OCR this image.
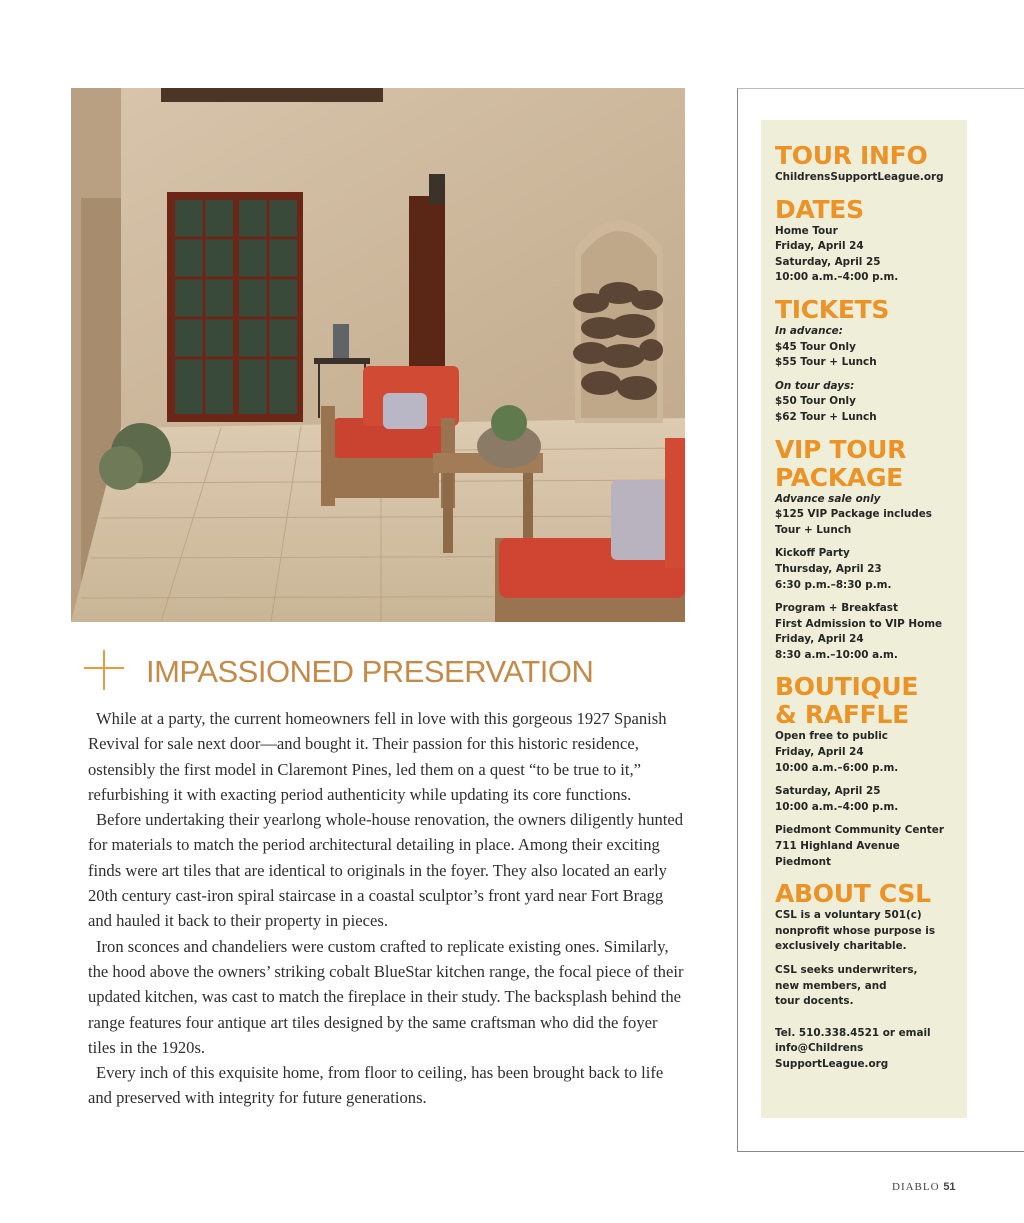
IMPASSIONED PRESERVATION

While at a party, the current homeowners fell in love with this gorgeous 1927 Spanish Revival for sale next door—and bought it. Their passion for this historic residence, ostensibly the first model in Claremont Pines, led them on a quest “to be true to it,” refurbishing it with exacting period authenticity while updating its core functions.

Before undertaking their yearlong whole-house renovation, the owners diligently hunted for materials to match the period architectural detailing in place. Among their exciting finds were art tiles that are identical to originals in the foyer. They also located an early 20th century cast-iron spiral staircase in a coastal sculptor’s front yard near Fort Bragg and hauled it back to their property in pieces.

Iron sconces and chandeliers were custom crafted to replicate existing ones. Similarly, the hood above the owners’ striking cobalt BlueStar kitchen range, the focal piece of their updated kitchen, was cast to match the fireplace in their study. The backsplash behind the range features four antique art tiles designed by the same craftsman who did the foyer tiles in the 1920s.

Every inch of this exquisite home, from floor to ceiling, has been brought back to life and preserved with integrity for future generations.

TOUR INFO
ChildrensSupportLeague.org
DATES
Home Tour
Friday, April 24
Saturday, April 25
10:00 a.m.–4:00 p.m.
TICKETS
In advance:
$45 Tour Only
$55 Tour + Lunch
On tour days:
$50 Tour Only
$62 Tour + Lunch
VIP TOUR
PACKAGE
Advance sale only
$125 VIP Package includes
Tour + Lunch
Kickoff Party
Thursday, April 23
6:30 p.m.–8:30 p.m.
Program + Breakfast
First Admission to VIP Home
Friday, April 24
8:30 a.m.–10:00 a.m.
BOUTIQUE
& RAFFLE
Open free to public
Friday, April 24
10:00 a.m.–6:00 p.m.
Saturday, April 25
10:00 a.m.–4:00 p.m.
Piedmont Community Center
711 Highland Avenue
Piedmont
ABOUT CSL
CSL is a voluntary 501(c)
nonprofit whose purpose is
exclusively charitable.
CSL seeks underwriters,
new members, and
tour docents.
Tel. 510.338.4521 or email
info@Childrens
SupportLeague.org
DIABLO 51
